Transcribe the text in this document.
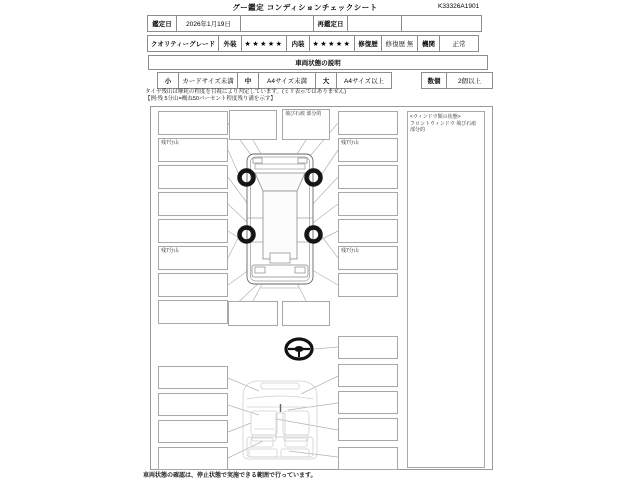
グー鑑定 コンディションチェックシート	K33326A1901
鑑定日	2026年1月19日	再鑑定日
クオリティーグレード	外装	★★★★★	内装	★★★★★	修復歴	修復歴 無	機関	正常
車両状態の説明
小	カードサイズ未満	中	A4サイズ未満	大	A4サイズ以上	数個	2個以上
タイヤ残山は摩耗の程度を目視により判定しています。(ミリ表示ではありません)
【例:残 5分山=概ね50パーセント程度残り溝を示す】
残7分山
残7分山
残7分山
残7分山
飛び石痕 部分的	<ウィンドウ類の状態>
フロントウィンドウ 飛び石痕 部分的
車両状態の確認は、停止状態で実施できる範囲で行っています。
